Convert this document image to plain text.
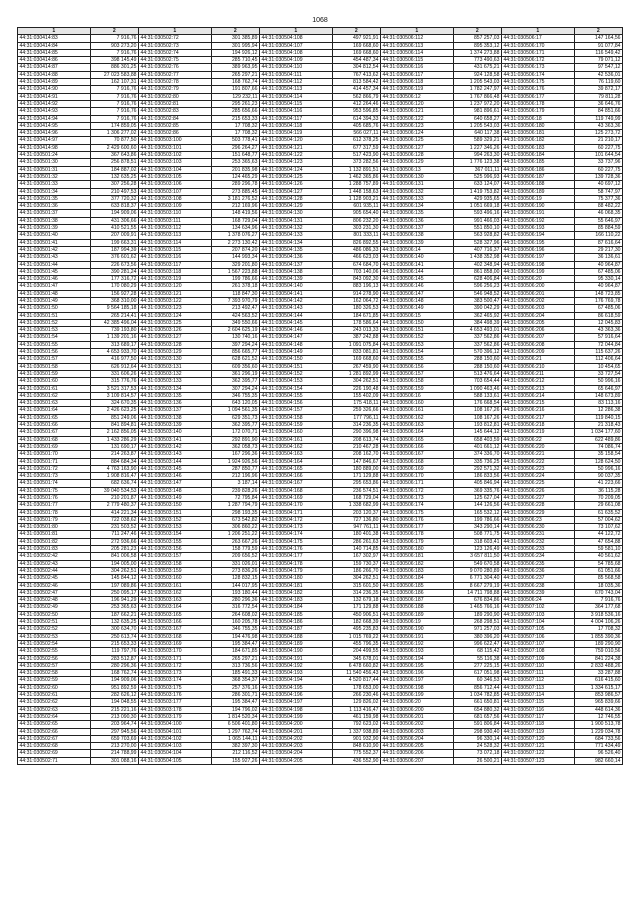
1068
1	2	1	2	1	2	1	2	1	2
44:31:030414:83	7 916,76	44:31:030502:72	301 385,89	44:31:030504:108	497 921,91	44:31:030506:112	857 257,03	44:31:030506:17	147 164,56
44:31:030414:84	903 273,20	44:31:030502:73	301 995,94	44:31:030504:107	169 668,60	44:31:030506:113	895 353,12	44:31:030506:170	91 077,84
44:31:030414:85	7 916,76	44:31:030502:74	194 926,12	44:31:030504:108	169 668,60	44:31:030506:114	1 374 273,88	44:31:030506:171	116 549,42
44:31:030414:86	398 145,49	44:31:030502:75	285 710,45	44:31:030504:109	454 487,34	44:31:030506:115	773 490,63	44:31:030506:172	79 071,12
44:31:030414:87	886 301,25	44:31:030502:76	389 963,95	44:31:030504:110	304 812,54	44:31:030506:116	431 675,21	44:31:030506:173	97 547,12
44:31:030414:88	27 023 583,88	44:31:030502:77	265 297,21	44:31:030504:111	767 413,62	44:31:030506:117	924 128,58	44:31:030506:174	42 536,01
44:31:030414:89	162 107,31	44:31:030502:78	168 762,74	44:31:030504:112	813 584,42	44:31:030506:118	1 205 543,03	44:31:030506:175	76 119,60
44:31:030414:90	7 916,76	44:31:030502:79	191 807,66	44:31:030504:113	414 457,34	44:31:030506:119	1 782 247,97	44:31:030506:176	39 872,17
44:31:030414:91	7 916,76	44:31:030502:80	129 232,11	44:31:030504:114	562 866,79	44:31:030506:12	1 767 866,48	44:31:030506:177	79 811,28
44:31:030414:92	7 916,76	44:31:030502:81	295 261,23	44:31:030504:115	412 264,46	44:31:030506:120	1 237 972,20	44:31:030506:178	36 646,76
44:31:030414:93	7 916,76	44:31:030502:83	285 656,66	44:31:030504:116	953 596,85	44:31:030506:121	981 896,61	44:31:030506:179	84 851,66
44:31:030414:94	7 916,76	44:31:030502:84	215 653,33	44:31:030504:117	614 394,33	44:31:030506:122	640 658,27	44:31:030506:18	119 749,99
44:31:030414:95	174 859,05	44:31:030502:85	17 708,32	44:31:030504:118	405 685,76	44:31:030506:123	1 205 543,03	44:31:030506:180	43 363,36
44:31:030414:96	1 306 277,02	44:31:030502:86	17 708,32	44:31:030504:119	566 027,11	44:31:030506:124	640 117,38	44:31:030506:181	125 273,72
44:31:030414:97	70 877,50	44:31:030503:100	503 778,41	44:31:030504:120	612 378,25	44:31:030506:125	589 329,21	44:31:030506:182	21 210,17
44:31:030414:98	2 429 600,60	44:31:030503:101	296 264,27	44:31:030504:121	677 317,59	44:31:030506:127	1 227 346,26	44:31:030506:183	60 227,75
44:31:030501:24	367 643,86	44:31:030503:102	151 648,77	44:31:030504:122	517 423,90	44:31:030506:128	994 263,30	44:31:030506:184	101 644,54
44:31:030501:30	256 878,51	44:31:030503:103	253 365,63	44:31:030504:123	373 282,56	44:31:030506:129	1 776 123,38	44:31:030506:185	33 737,96
44:31:030501:31	184 887,02	44:31:030503:104	201 835,98	44:31:030504:124	1 132 891,51	44:31:030506:13	367 011,11	44:31:030506:186	60 227,75
44:31:030501:32	132 635,25	44:31:030503:105	124 465,29	44:31:030504:125	1 462 365,86	44:31:030506:130	525 996,93	44:31:030506:187	139 728,36
44:31:030501:33	307 256,28	44:31:030503:106	289 296,78	44:31:030504:126	1 288 757,89	44:31:030506:131	633 124,07	44:31:030506:188	40 697,12
44:31:030501:34	210 497,53	44:31:030503:107	273 885,45	44:31:030504:127	1 448 158,63	44:31:030506:132	1 419 753,82	44:31:030506:189	58 747,97
44:31:030501:35	377 720,32	44:31:030503:108	3 181 276,52	44:31:030504:128	1 128 903,21	44:31:030506:133	429 935,65	44:31:030506:19	75 377,36
44:31:030501:36	633 818,37	44:31:030503:109	212 169,96	44:31:030504:129	601 935,11	44:31:030506:134	1 051 669,18	44:31:030506:190	88 482,22
44:31:030501:37	194 909,06	44:31:030503:110	148 419,56	44:31:030504:130	905 654,40	44:31:030506:135	593 496,16	44:31:030506:191	46 068,35
44:31:030501:38	431 306,66	44:31:030503:111	168 729,04	44:31:030504:131	806 232,20	44:31:030506:136	991 466,03	44:31:030506:192	55 646,97
44:31:030501:39	410 521,55	44:31:030503:112	134 634,96	44:31:030504:132	303 231,30	44:31:030506:137	551 850,10	44:31:030506:193	85 884,59
44:31:030501:40	207 009,91	44:31:030503:113	1 378 076,27	44:31:030504:133	801 333,11	44:31:030506:138	563 928,82	44:31:030506:194	166 110,22
44:31:030501:41	199 663,31	44:31:030503:114	2 273 130,42	44:31:030504:134	826 892,55	44:31:030506:139	528 327,96	44:31:030506:195	87 616,64
44:31:030501:42	187 994,39	44:31:030503:115	207 874,20	44:31:030504:135	486 086,33	44:31:030506:14	407 716,37	44:31:030506:196	29 217,30
44:31:030501:43	376 601,62	44:31:030503:116	144 993,34	44:31:030504:136	466 623,03	44:31:030506:140	1 438 352,98	44:31:030506:197	36 136,61
44:31:030501:44	226 673,56	44:31:030503:117	329 201,80	44:31:030504:137	674 684,70	44:31:030506:141	402 348,94	44:31:030506:198	40 964,87
44:31:030501:45	390 281,24	44:31:030503:118	1 567 223,88	44:31:030504:138	703 140,06	44:31:030506:144	861 858,00	44:31:030506:199	67 485,06
44:31:030501:46	177 316,72	44:31:030503:119	199 786,66	44:31:030504:139	843 092,30	44:31:030506:145	628 406,84	44:31:030506:20	95 330,14
44:31:030501:47	170 080,29	44:31:030503:120	261 378,18	44:31:030504:140	883 196,13	44:31:030506:146	596 256,23	44:31:030506:200	40 964,87
44:31:030501:48	156 927,28	44:31:030503:121	118 847,30	44:31:030504:141	914 278,90	44:31:030506:147	546 948,52	44:31:030506:201	148 723,85
44:31:030501:49	368 310,00	44:31:030503:122	7 393 970,79	44:31:030504:142	162 064,72	44:31:030506:148	383 500,47	44:31:030506:202	176 769,78
44:31:030501:50	9 564 185,18	44:31:030503:123	213 492,47	44:31:030504:143	180 326,53	44:31:030506:149	390 042,29	44:31:030506:203	67 485,06
44:31:030501:51	265 214,41	44:31:030503:124	424 563,52	44:31:030504:144	184 671,85	44:31:030506:15	362 465,92	44:31:030506:204	86 618,59
44:31:030501:52	42 385 496,04	44:31:030503:125	349 550,66	44:31:030504:145	178 586,64	44:31:030506:150	384 498,39	44:31:030506:205	12 045,83
44:31:030501:53	739 193,80	44:31:030503:126	2 604 625,19	44:31:030504:146	243 013,33	44:31:030506:151	4 653 493,01	44:31:030506:206	43 363,36
44:31:030501:54	1 139 201,16	44:31:030503:127	130 740,16	44:31:030504:147	387 242,88	44:31:030506:152	337 562,86	44:31:030506:207	57 916,64
44:31:030501:55	313 689,17	44:31:030503:128	397 294,24	44:31:030504:148	1 091 075,84	44:31:030506:153	337 562,86	44:31:030506:208	72 044,84
44:31:030501:56	4 653 933,70	44:31:030503:129	856 665,77	44:31:030504:149	833 081,81	44:31:030506:154	570 396,12	44:31:030506:209	115 637,26
44:31:030501:57	416 977,50	44:31:030503:130	628 621,52	44:31:030504:150	169 668,60	44:31:030506:155	288 150,60	44:31:030506:21	112 406,64
44:31:030501:58	626 912,64	44:31:030503:131	609 356,60	44:31:030504:151	267 459,90	44:31:030506:156	288 150,60	44:31:030506:210	10 454,65
44:31:030501:59	331 606,26	44:31:030503:132	361 296,19	44:31:030504:152	1 281 892,99	44:31:030506:157	513 476,64	44:31:030506:211	33 727,54
44:31:030501:60	315 776,76	44:31:030503:133	362 395,77	44:31:030504:153	304 262,51	44:31:030506:158	703 654,44	44:31:030506:212	50 996,16
44:31:030501:61	3 521 317,53	44:31:030503:134	307 294,24	44:31:030504:154	226 190,48	44:31:030506:159	1 090 463,46	44:31:030506:213	65 646,97
44:31:030501:62	3 109 814,57	44:31:030503:135	346 755,35	44:31:030504:155	155 402,09	44:31:030506:16	588 133,61	44:31:030506:214	148 673,89
44:31:030501:63	324 670,35	44:31:030503:136	643 120,05	44:31:030504:156	175 418,11	44:31:030506:160	176 668,54	44:31:030506:215	83 113,16
44:31:030501:64	2 426 623,25	44:31:030503:137	1 094 561,35	44:31:030504:157	259 326,66	44:31:030506:161	108 167,26	44:31:030506:216	12 286,38
44:31:030501:65	851 249,06	44:31:030503:138	629 351,73	44:31:030504:158	177 796,11	44:31:030506:162	108 167,26	44:31:030506:217	119 840,15
44:31:030501:66	841 894,81	44:31:030503:139	362 395,77	44:31:030504:159	314 236,35	44:31:030506:163	193 812,81	44:31:030506:218	21 318,43
44:31:030501:67	2 162 856,05	44:31:030503:140	172 070,71	44:31:030504:160	290 396,98	44:31:030506:164	145 644,12	44:31:030506:219	1 034 177,60
44:31:030501:68	1 433 286,29	44:31:030503:141	292 891,90	44:31:030504:161	208 613,74	44:31:030506:165	658 403,59	44:31:030506:22	622 489,86
44:31:030501:69	131 690,17	44:31:030503:142	362 058,73	44:31:030504:162	210 467,28	44:31:030506:166	401 661,12	44:31:030506:220	74 086,74
44:31:030501:70	214 263,87	44:31:030503:143	167 296,36	44:31:030504:163	208 162,70	44:31:030506:167	374 336,70	44:31:030506:221	35 158,54
44:31:030501:71	884 684,34	44:31:030503:144	1 924 926,56	44:31:030504:164	147 846,67	44:31:030506:168	335 736,25	44:31:030506:222	128 624,50
44:31:030501:72	4 763 163,90	44:31:030503:145	287 850,77	44:31:030504:165	180 889,00	44:31:030506:169	292 571,32	44:31:030506:223	50 996,16
44:31:030501:73	1 908 816,47	44:31:030503:146	212 196,96	44:31:030504:166	171 129,88	44:31:030506:170	186 833,56	44:31:030506:224	90 037,35
44:31:030501:74	682 636,74	44:31:030503:147	3 187,14	44:31:030504:167	295 653,86	44:31:030506:171	405 846,94	44:31:030506:225	41 223,66
44:31:030501:75	39 040 534,53	44:31:030503:148	239 828,26	44:31:030504:168	236 574,51	44:31:030506:172	369 335,76	44:31:030506:226	36 115,28
44:31:030501:76	210 201,87	44:31:030503:149	72 795,84	44:31:030504:169	168 729,04	44:31:030506:173	125 627,04	44:31:030506:227	70 209,05
44:31:030501:77	2 779 480,37	44:31:030503:150	1 287 794,79	44:31:030504:170	1 338 682,99	44:31:030506:174	144 126,56	44:31:030506:228	29 661,08
44:31:030501:78	414 221,34	44:31:030503:151	298 193,35	44:31:030504:171	203 120,37	44:31:030506:175	165 532,12	44:31:030506:229	61 635,52
44:31:030501:79	722 038,62	44:31:030503:152	673 542,82	44:31:030504:172	727 136,80	44:31:030506:176	199 786,66	44:31:030506:23	57 004,62
44:31:030501:80	231 503,52	44:31:030503:153	306 860,22	44:31:030504:173	947 761,11	44:31:030506:177	343 290,14	44:31:030506:230	73 107,62
44:31:030501:81	711 247,46	44:31:030503:154	1 206 251,22	44:31:030504:174	180 401,38	44:31:030506:178	508 771,75	44:31:030506:231	44 122,72
44:31:030501:82	272 936,66	44:31:030503:155	263 667,26	44:31:030504:175	286 261,63	44:31:030506:179	318 603,41	44:31:030506:232	47 654,88
44:31:030501:83	205 281,23	44:31:030503:156	158 779,59	44:31:030504:176	140 714,85	44:31:030506:180	123 126,49	44:31:030506:233	59 581,10
44:31:030502:42	841 006,58	44:31:030503:157	209 656,52	44:31:030504:177	167 302,97	44:31:030506:181	3 657 811,50	44:31:030506:234	40 561,62
44:31:030502:43	194 005,00	44:31:030503:158	331 026,01	44:31:030504:178	159 730,37	44:31:030506:182	549 670,58	44:31:030506:235	54 785,68
44:31:030502:44	304 262,51	44:31:030503:159	273 836,26	44:31:030504:179	186 266,70	44:31:030506:183	9 070 280,89	44:31:030506:236	61 051,66
44:31:030502:45	145 844,12	44:31:030503:160	128 832,15	44:31:030504:180	304 262,51	44:31:030506:184	6 771 304,40	44:31:030506:237	85 568,58
44:31:030502:46	197 089,86	44:31:030503:161	144 017,95	44:31:030504:181	315 601,50	44:31:030506:185	8 667 279,19	44:31:030506:238	18 035,36
44:31:030502:47	250 095,17	44:31:030503:162	193 180,44	44:31:030504:182	314 236,35	44:31:030506:186	14 711 798,88	44:31:030506:239	670 743,04
44:31:030502:48	196 941,29	44:31:030503:163	280 296,36	44:31:030504:183	132 679,18	44:31:030506:187	676 834,86	44:31:030506:24	7 916,76
44:31:030502:49	253 365,63	44:31:030503:164	316 772,54	44:31:030504:184	171 129,88	44:31:030506:188	1 465 766,16	44:31:030507:102	364 177,68
44:31:030502:50	187 662,21	44:31:030503:165	264 608,02	44:31:030504:185	450 906,51	44:31:030506:189	189 290,90	44:31:030507:103	3 918 536,16
44:31:030502:51	132 635,25	44:31:030503:166	160 205,78	44:31:030504:186	182 668,39	44:31:030506:19	268 298,51	44:31:030507:104	4 004 106,26
44:31:030502:52	300 634,70	44:31:030503:167	346 755,35	44:31:030504:187	495 235,83	44:31:030506:190	971 257,03	44:31:030507:105	17 708,32
44:31:030502:53	250 613,74	44:31:030503:168	194 476,98	44:31:030504:188	1 015 769,22	44:31:030506:191	380 396,20	44:31:030507:106	1 855 390,36
44:31:030502:54	215 653,33	44:31:030503:169	195 384,47	44:31:030504:189	455 796,35	44:31:030506:192	996 622,47	44:31:030507:107	189 290,90
44:31:030502:55	119 797,76	44:31:030503:170	184 671,85	44:31:030504:190	204 499,55	44:31:030506:193	68 115,42	44:31:030507:108	759 010,56
44:31:030502:56	283 512,87	44:31:030503:171	265 297,21	44:31:030504:191	345 678,01	44:31:030506:194	55 116,38	44:31:030507:109	841 224,38
44:31:030502:57	280 296,36	44:31:030503:172	313 736,56	44:31:030504:192	6 478 660,82	44:31:030506:195	277 225,15	44:31:030507:110	2 833 488,26
44:31:030502:58	168 762,74	44:31:030503:173	185 491,33	44:31:030504:193	11 540 456,43	44:31:030506:196	617 051,98	44:31:030507:111	33 287,88
44:31:030502:59	194 909,06	44:31:030503:174	368 354,37	44:31:030504:194	4 520 817,44	44:31:030506:197	60 346,53	44:31:030507:112	616 415,60
44:31:030502:60	951 892,59	44:31:030503:175	257 376,16	44:31:030504:195	178 653,00	44:31:030506:198	856 712,44	44:31:030507:113	1 334 615,17
44:31:030502:61	282 626,12	44:31:030503:176	286 301,71	44:31:030504:196	266 230,46	44:31:030506:199	1 034 782,85	44:31:030507:114	853 986,57
44:31:030502:62	194 048,55	44:31:030503:177	195 384,47	44:31:030504:197	129 826,02	44:31:030506:20	661 650,81	44:31:030507:115	965 839,66
44:31:030502:63	215 221,16	44:31:030503:178	194 796,02	44:31:030504:198	1 113 416,47	44:31:030506:200	654 880,32	44:31:030507:116	448 614,36
44:31:030502:64	213 090,30	44:31:030503:179	1 814 520,34	44:31:030504:199	461 159,98	44:31:030506:201	681 657,56	44:31:030507:117	12 746,55
44:31:030502:65	203 964,74	44:31:030504:100	6 506 401,80	44:31:030504:200	792 623,02	44:31:030506:202	591 806,84	44:31:030507:118	1 900 513,78
44:31:030502:66	297 945,56	44:31:030504:101	1 297 762,74	44:31:030504:201	1 337 938,89	44:31:030506:203	298 930,40	44:31:030507:119	1 229 034,78
44:31:030502:67	659 703,69	44:31:030504:102	1 065 144,11	44:31:030504:202	901 932,90	44:31:030506:204	96 330,14	44:31:030507:120	684 733,56
44:31:030502:68	213 270,00	44:31:030504:103	382 397,30	44:31:030504:203	848 610,90	44:31:030506:205	24 528,32	44:31:030507:121	771 434,49
44:31:030502:69	214 788,99	44:31:030504:104	212 116,52	44:31:030504:204	775 552,37	44:31:030506:206	73 072,18	44:31:030507:122	96 526,40
44:31:030502:71	301 088,16	44:31:030504:105	155 927,26	44:31:030504:205	436 552,90	44:31:030506:207	26 500,21	44:31:030507:123	982 660,14
